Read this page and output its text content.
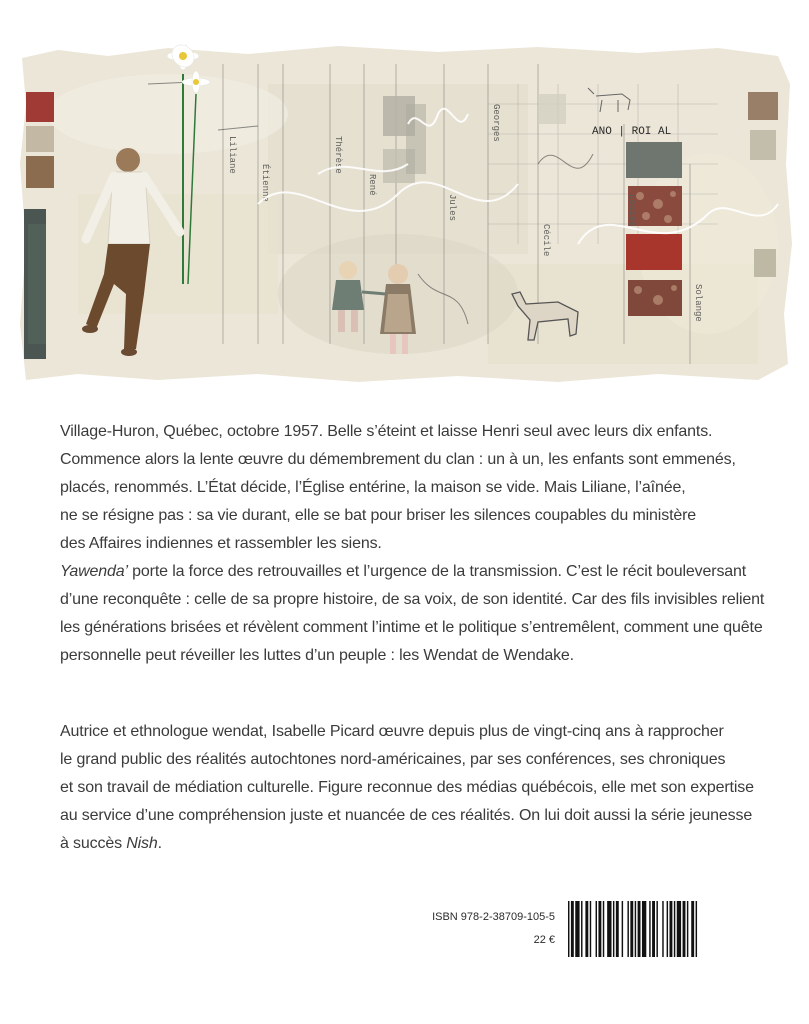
ANO | ROI AL
Liliane
Étienne
Thérèse
René
Jules
Georges
Louise
Cécile
Solange

Village-Huron, Québec, octobre 1957. Belle s’éteint et laisse Henri seul avec leurs dix enfants.

Commence alors la lente œuvre du démembrement du clan : un à un, les enfants sont emmenés,

placés, renommés. L’État décide, l’Église entérine, la maison se vide. Mais Liliane, l’aînée,

ne se résigne pas : sa vie durant, elle se bat pour briser les silences coupables du ministère

des Affaires indiennes et rassembler les siens.

Yawenda’ porte la force des retrouvailles et l’urgence de la transmission. C’est le récit bouleversant

d’une reconquête : celle de sa propre histoire, de sa voix, de son identité. Car des fils invisibles relient

les générations brisées et révèlent comment l’intime et le politique s’entremêlent, comment une quête

personnelle peut réveiller les luttes d’un peuple : les Wendat de Wendake.

Autrice et ethnologue wendat, Isabelle Picard œuvre depuis plus de vingt-cinq ans à rapprocher

le grand public des réalités autochtones nord-américaines, par ses conférences, ses chroniques

et son travail de médiation culturelle. Figure reconnue des médias québécois, elle met son expertise

au service d’une compréhension juste et nuancée de ces réalités. On lui doit aussi la série jeunesse

à succès Nish.

ISBN 978-2-38709-105-5
22 €
